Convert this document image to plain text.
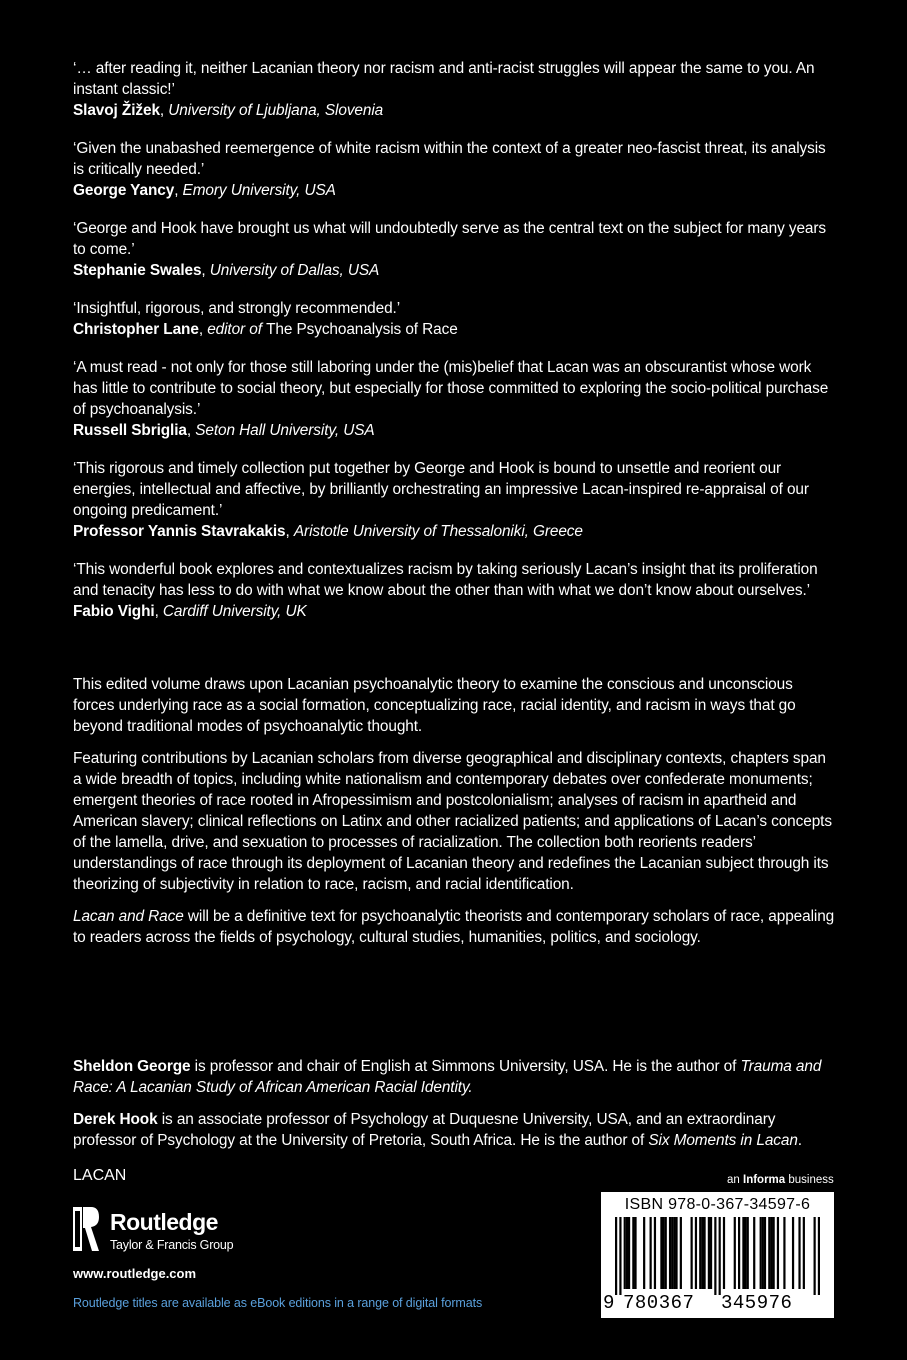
‘… after reading it, neither Lacanian theory nor racism and anti-racist struggles will appear the same to you. An instant classic!’
Slavoj Žižek, University of Ljubljana, Slovenia
‘Given the unabashed reemergence of white racism within the context of a greater neo-fascist threat, its analysis is critically needed.’
George Yancy, Emory University, USA
‘George and Hook have brought us what will undoubtedly serve as the central text on the subject for many years to come.’
Stephanie Swales, University of Dallas, USA
‘Insightful, rigorous, and strongly recommended.’
Christopher Lane, editor of The Psychoanalysis of Race
‘A must read - not only for those still laboring under the (mis)belief that Lacan was an obscurantist whose work has little to contribute to social theory, but especially for those committed to exploring the socio-political purchase of psychoanalysis.’
Russell Sbriglia, Seton Hall University, USA
‘This rigorous and timely collection put together by George and Hook is bound to unsettle and reorient our energies, intellectual and affective, by brilliantly orchestrating an impressive Lacan-inspired re-appraisal of our ongoing predicament.’
Professor Yannis Stavrakakis, Aristotle University of Thessaloniki, Greece
‘This wonderful book explores and contextualizes racism by taking seriously Lacan’s insight that its proliferation and tenacity has less to do with what we know about the other than with what we don’t know about ourselves.’
Fabio Vighi, Cardiff University, UK

This edited volume draws upon Lacanian psychoanalytic theory to examine the conscious and unconscious forces underlying race as a social formation, conceptualizing race, racial identity, and racism in ways that go beyond traditional modes of psychoanalytic thought.

Featuring contributions by Lacanian scholars from diverse geographical and disciplinary contexts, chapters span a wide breadth of topics, including white nationalism and contemporary debates over confederate monuments; emergent theories of race rooted in Afropessimism and postcolonialism; analyses of racism in apartheid and American slavery; clinical reflections on Latinx and other racialized patients; and applications of Lacan’s concepts of the lamella, drive, and sexuation to processes of racialization. The collection both reorients readers’ understandings of race through its deployment of Lacanian theory and redefines the Lacanian subject through its theorizing of subjectivity in relation to race, racism, and racial identification.

Lacan and Race will be a definitive text for psychoanalytic theorists and contemporary scholars of race, appealing to readers across the fields of psychology, cultural studies, humanities, politics, and sociology.

Sheldon George is professor and chair of English at Simmons University, USA. He is the author of Trauma and Race: A Lacanian Study of African American Racial Identity.

Derek Hook is an associate professor of Psychology at Duquesne University, USA, and an extraordinary professor of Psychology at the University of Pretoria, South Africa. He is the author of Six Moments in Lacan.

LACAN
Routledge
Taylor & Francis Group
www.routledge.com
Routledge titles are available as eBook editions in a range of digital formats
an Informa business
ISBN 978-0-367-34597-6
9 780367 345976
